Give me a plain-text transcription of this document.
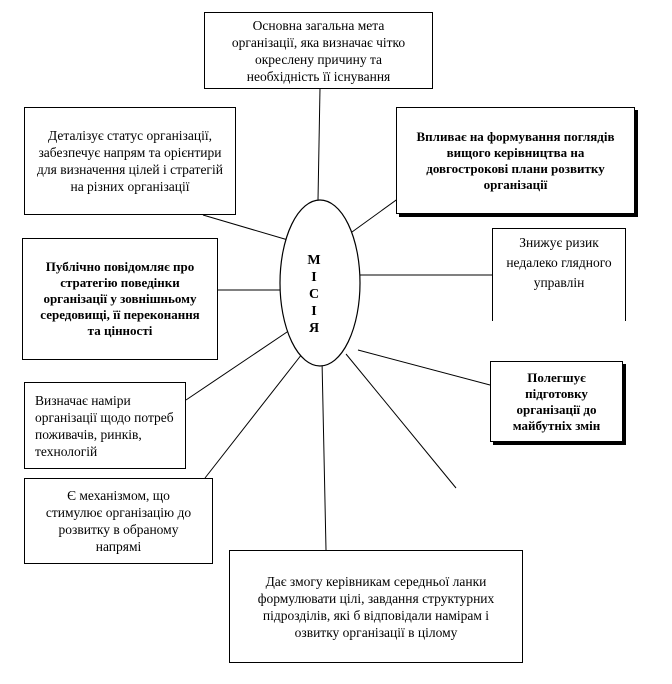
М
І
С
І
Я
Основна загальна мета організації, яка визначає чітко окреслену причину та необхідність її існування
Деталізує статус організації, забезпечує напрям та орієнтири для визначення цілей і стратегій на різних організації
Впливає на формування поглядів вищого керівництва на довгострокові плани розвитку організації
Публічно повідомляє про стратегію поведінки організації у зовнішньому середовищі, її переконання та цінності
Знижує ризик недалеко глядного управлін
Визначає наміри організації щодо потреб поживачів, ринків, технологій
Полегшує підготовку організації до майбутніх змін
Є механізмом, що стимулює організацію до розвитку в обраному напрямі
Дає змогу керівникам середньої ланки формулювати цілі, завдання структурних підрозділів, які б відповідали намірам і озвитку організації в цілому
